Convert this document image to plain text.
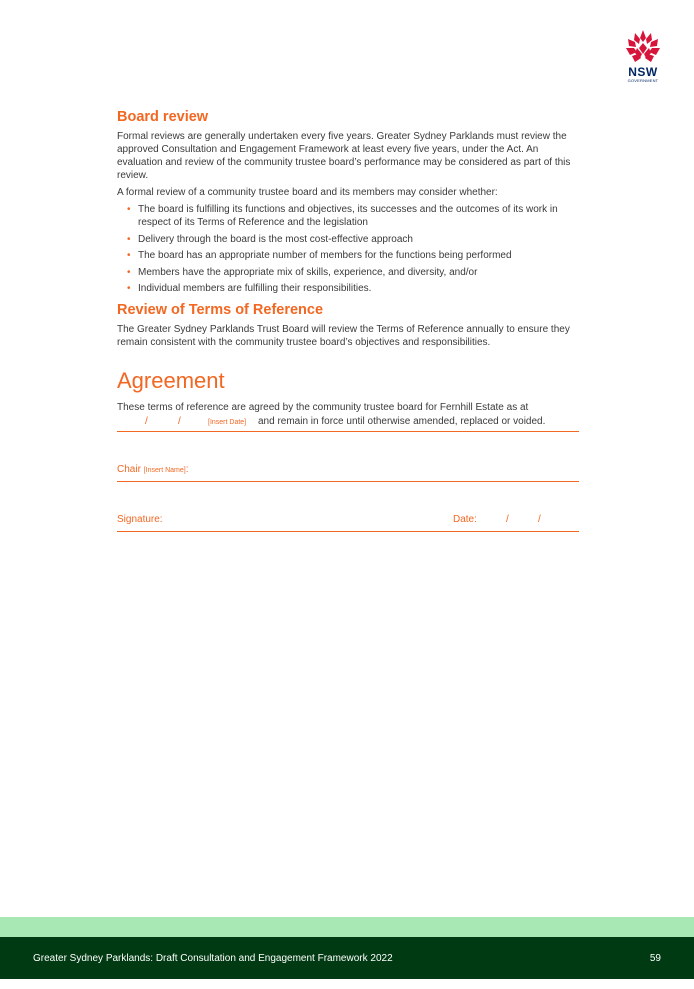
NSW
GOVERNMENT
Board review

Formal reviews are generally undertaken every five years. Greater Sydney Parklands must review the approved Consultation and Engagement Framework at least every five years, under the Act. An evaluation and review of the community trustee board’s performance may be considered as part of this review.

A formal review of a community trustee board and its members may consider whether:

• The board is fulfilling its functions and objectives, its successes and the outcomes of its work in respect of its Terms of Reference and the legislation
• Delivery through the board is the most cost-effective approach
• The board has an appropriate number of members for the functions being performed
• Members have the appropriate mix of skills, experience, and diversity, and/or
• Individual members are fulfilling their responsibilities.
Review of Terms of Reference

The Greater Sydney Parklands Trust Board will review the Terms of Reference annually to ensure they remain consistent with the community trustee board’s objectives and responsibilities.

Agreement

These terms of reference are agreed by the community trustee board for Fernhill Estate as at

/	/	[Insert Date] and remain in force until otherwise amended, replaced or voided.
Chair [Insert Name]:
Signature:	Date:	/	/
Greater Sydney Parklands: Draft Consultation and Engagement Framework 2022	59
